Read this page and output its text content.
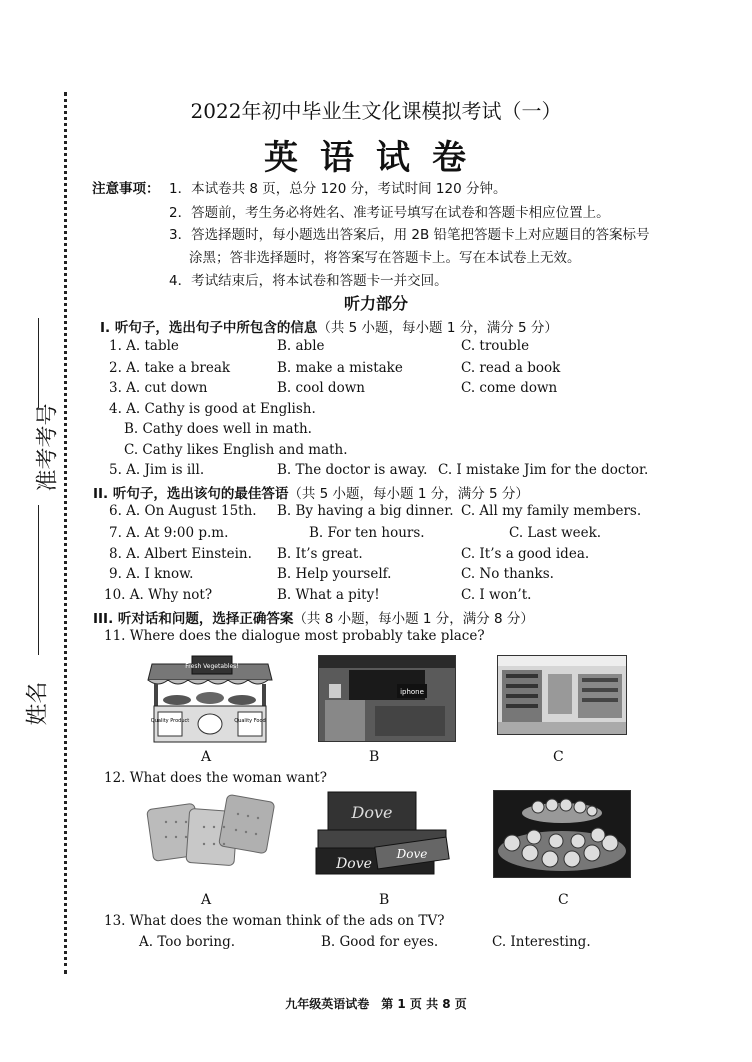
准考考号
姓名
2022年初中毕业生文化课模拟考试（一）
英语试卷
注意事项： 1．本试卷共 8 页，总分 120 分，考试时间 120 分钟。
2．答题前，考生务必将姓名、准考证号填写在试卷和答题卡相应位置上。
3．答选择题时，每小题选出答案后，用 2B 铅笔把答题卡上对应题目的答案标号
涂黑；答非选择题时，将答案写在答题卡上。写在本试卷上无效。
4．考试结束后，将本试卷和答题卡一并交回。
听力部分
I. 听句子，选出句子中所包含的信息（共 5 小题，每小题 1 分，满分 5 分）
1. A. table	B. able	C. trouble
2. A. take a break	B. make a mistake	C. read a book
3. A. cut down	B. cool down	C. come down
4. A. Cathy is good at English.
B. Cathy does well in math.
C. Cathy likes English and math.
5. A. Jim is ill.	B. The doctor is away. C. I mistake Jim for the doctor.
II. 听句子，选出该句的最佳答语（共 5 小题，每小题 1 分，满分 5 分）
6. A. On August 15th. B. By having a big dinner. C. All my family members.
7. A. At 9:00 p.m.	B. For ten hours.	C. Last week.
8. A. Albert Einstein. B. It’s great.	C. It’s a good idea.
9. A. I know.	B. Help yourself.	C. No thanks.
10. A. Why not?	B. What a pity!	C. I won’t.
III. 听对话和问题，选择正确答案（共 8 小题，每小题 1 分，满分 8 分）
11. Where does the dialogue most probably take place?
Fresh Vegetables!
Quality Product	Quality Food
iphone
A	B	C
12. What does the woman want?
Dove
Dove
Dove
A	B	C
13. What does the woman think of the ads on TV?
A. Too boring.	B. Good for eyes.	C. Interesting.
九年级英语试卷　第 1 页 共 8 页
